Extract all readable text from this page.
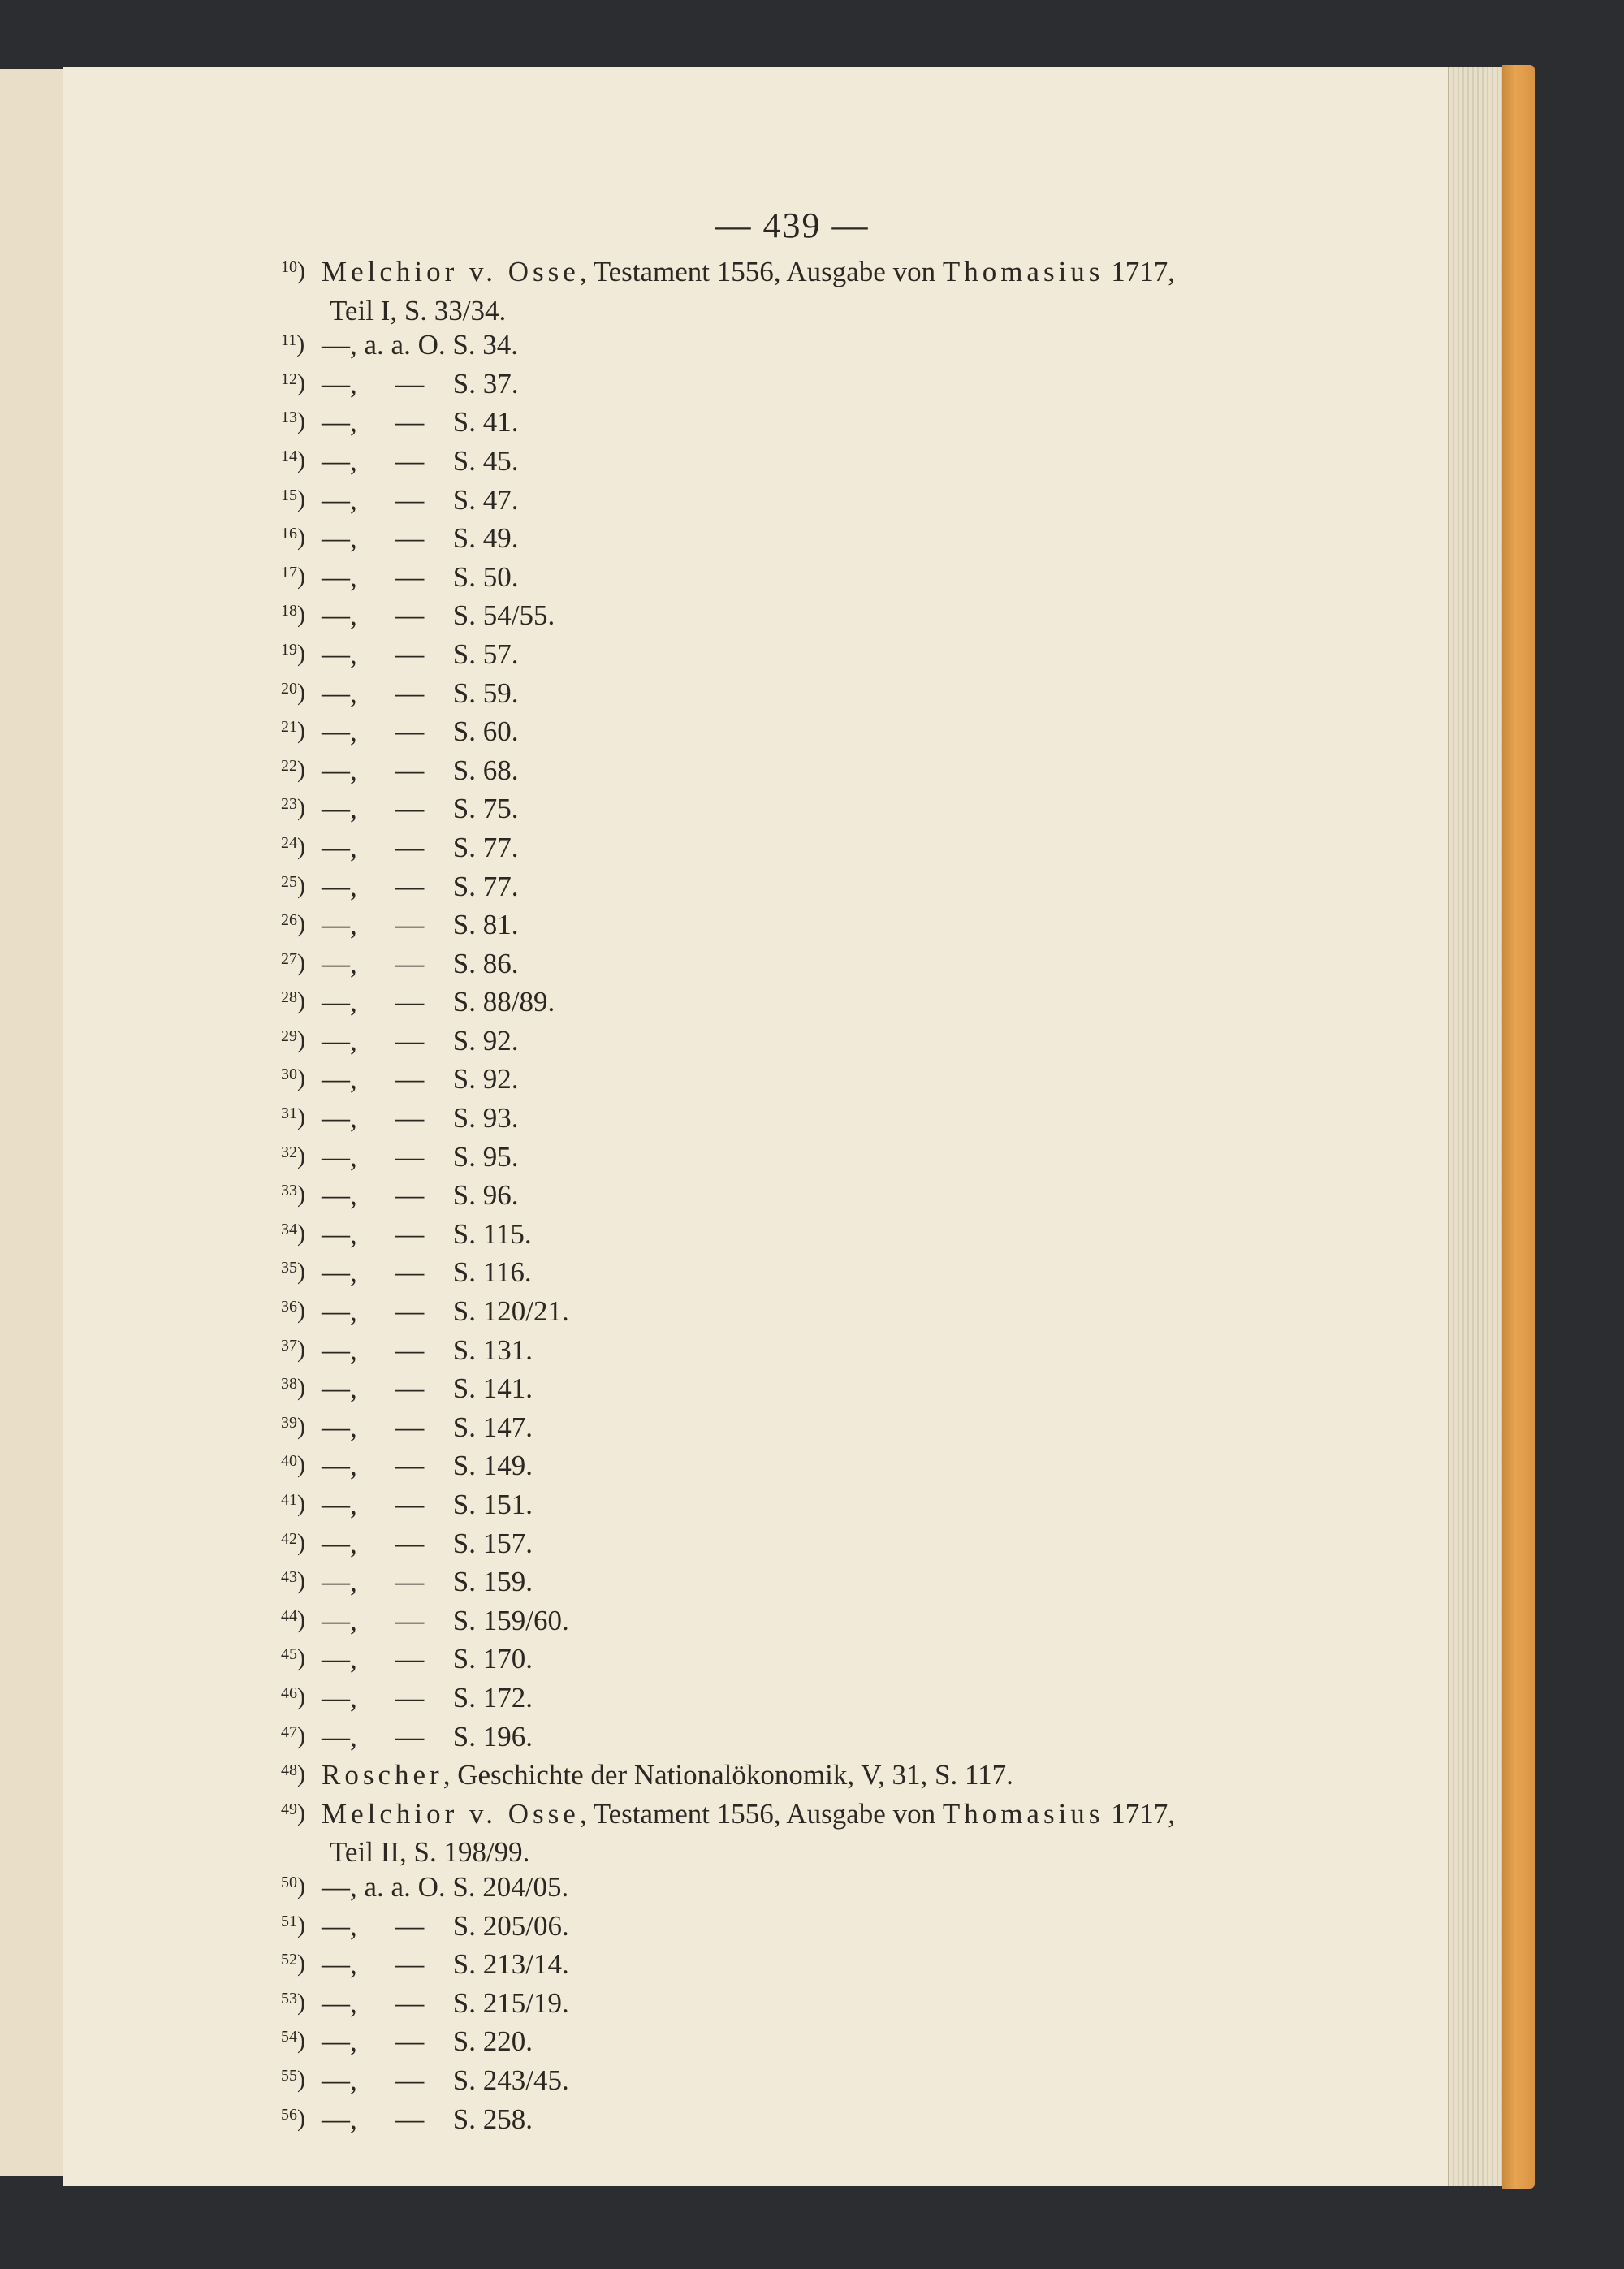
— 439 —
10 ) Melchior v. Osse, Testament 1556, Ausgabe von Thomasius 1717,
Teil I, S. 33/34.
11 ) —, a. a. O. S. 34.
12 ) —, — S. 37.
13 ) —, — S. 41.
14 ) —, — S. 45.
15 ) —, — S. 47.
16 ) —, — S. 49.
17 ) —, — S. 50.
18 ) —, — S. 54/55.
19 ) —, — S. 57.
20 ) —, — S. 59.
21 ) —, — S. 60.
22 ) —, — S. 68.
23 ) —, — S. 75.
24 ) —, — S. 77.
25 ) —, — S. 77.
26 ) —, — S. 81.
27 ) —, — S. 86.
28 ) —, — S. 88/89.
29 ) —, — S. 92.
30 ) —, — S. 92.
31 ) —, — S. 93.
32 ) —, — S. 95.
33 ) —, — S. 96.
34 ) —, — S. 115.
35 ) —, — S. 116.
36 ) —, — S. 120/21.
37 ) —, — S. 131.
38 ) —, — S. 141.
39 ) —, — S. 147.
40 ) —, — S. 149.
41 ) —, — S. 151.
42 ) —, — S. 157.
43 ) —, — S. 159.
44 ) —, — S. 159/60.
45 ) —, — S. 170.
46 ) —, — S. 172.
47 ) —, — S. 196.
48 ) Roscher, Geschichte der Nationalökonomik, V, 31, S. 117.
49 ) Melchior v. Osse, Testament 1556, Ausgabe von Thomasius 1717,
Teil II, S. 198/99.
50 ) —, a. a. O. S. 204/05.
51 ) —, — S. 205/06.
52 ) —, — S. 213/14.
53 ) —, — S. 215/19.
54 ) —, — S. 220.
55 ) —, — S. 243/45.
56 ) —, — S. 258.
